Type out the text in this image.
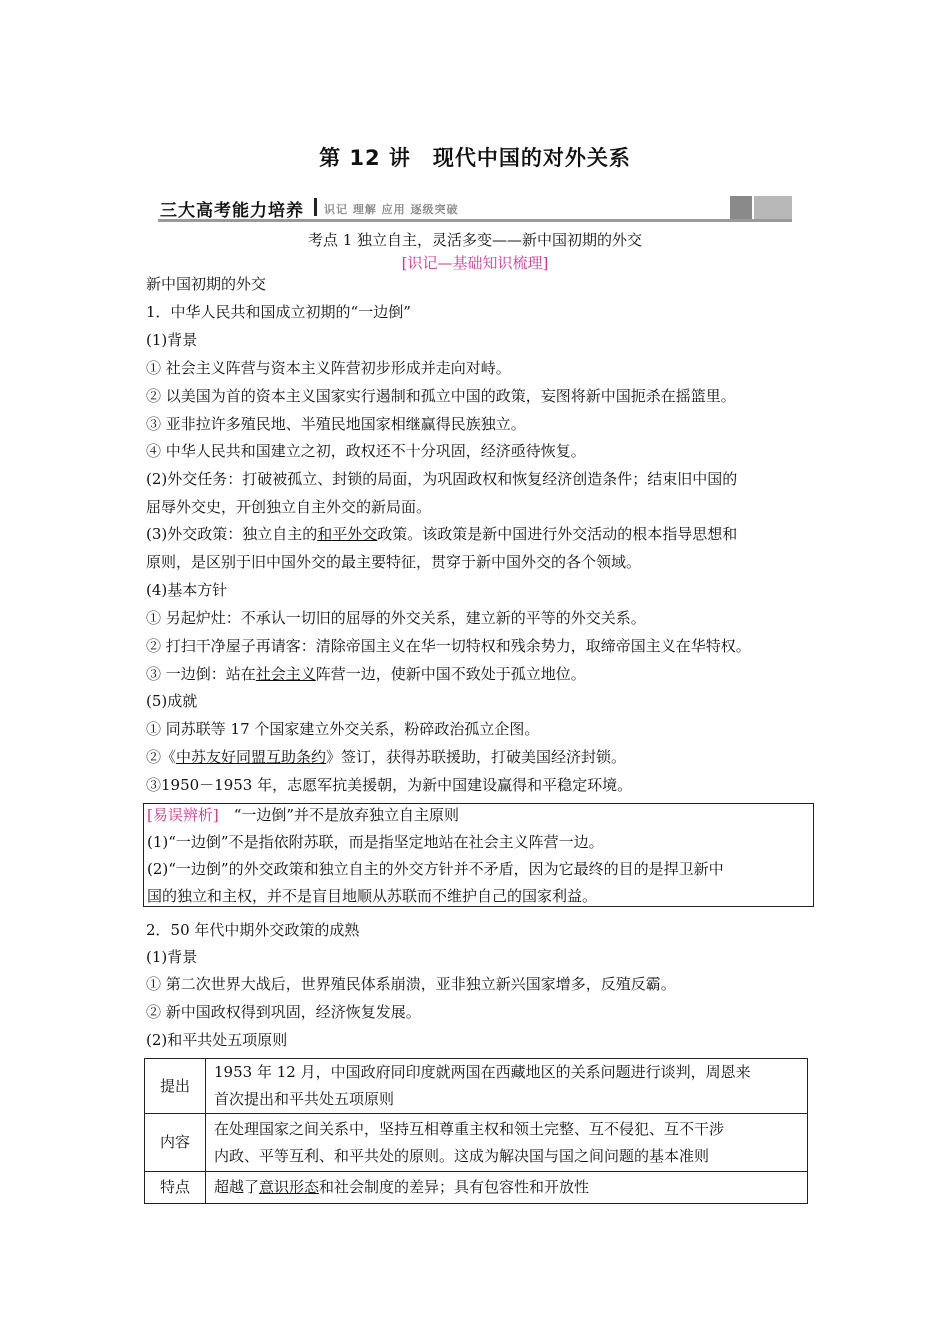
第 12 讲　现代中国的对外关系
三大高考能力培养 识记 理解 应用 逐级突破
考点 1 独立自主，灵活多变——新中国初期的外交
[识记—基础知识梳理]
新中国初期的外交
1．中华人民共和国成立初期的“一边倒”
(1)背景
① 社会主义阵营与资本主义阵营初步形成并走向对峙。
② 以美国为首的资本主义国家实行遏制和孤立中国的政策，妄图将新中国扼杀在摇篮里。
③ 亚非拉许多殖民地、半殖民地国家相继赢得民族独立。
④ 中华人民共和国建立之初，政权还不十分巩固，经济亟待恢复。
(2)外交任务：打破被孤立、封锁的局面，为巩固政权和恢复经济创造条件；结束旧中国的
屈辱外交史，开创独立自主外交的新局面。
(3)外交政策：独立自主的和平外交政策。该政策是新中国进行外交活动的根本指导思想和
原则，是区别于旧中国外交的最主要特征，贯穿于新中国外交的各个领域。
(4)基本方针
① 另起炉灶：不承认一切旧的屈辱的外交关系，建立新的平等的外交关系。
② 打扫干净屋子再请客：清除帝国主义在华一切特权和残余势力，取缔帝国主义在华特权。
③ 一边倒：站在社会主义阵营一边，使新中国不致处于孤立地位。
(5)成就
① 同苏联等 17 个国家建立外交关系，粉碎政治孤立企图。
②《中苏友好同盟互助条约》签订，获得苏联援助，打破美国经济封锁。
③1950－1953 年，志愿军抗美援朝，为新中国建设赢得和平稳定环境。
[易误辨析]　“一边倒”并不是放弃独立自主原则
(1)“一边倒”不是指依附苏联，而是指坚定地站在社会主义阵营一边。
(2)“一边倒”的外交政策和独立自主的外交方针并不矛盾，因为它最终的目的是捍卫新中
国的独立和主权，并不是盲目地顺从苏联而不维护自己的国家利益。
2．50 年代中期外交政策的成熟
(1)背景
① 第二次世界大战后，世界殖民体系崩溃，亚非独立新兴国家增多，反殖反霸。
② 新中国政权得到巩固，经济恢复发展。
(2)和平共处五项原则
提出	1953 年 12 月，中国政府同印度就两国在西藏地区的关系问题进行谈判，周恩来
首次提出和平共处五项原则

内容	在处理国家之间关系中，坚持互相尊重主权和领土完整、互不侵犯、互不干涉
内政、平等互利、和平共处的原则。这成为解决国与国之间问题的基本准则

特点	超越了意识形态和社会制度的差异；具有包容性和开放性
